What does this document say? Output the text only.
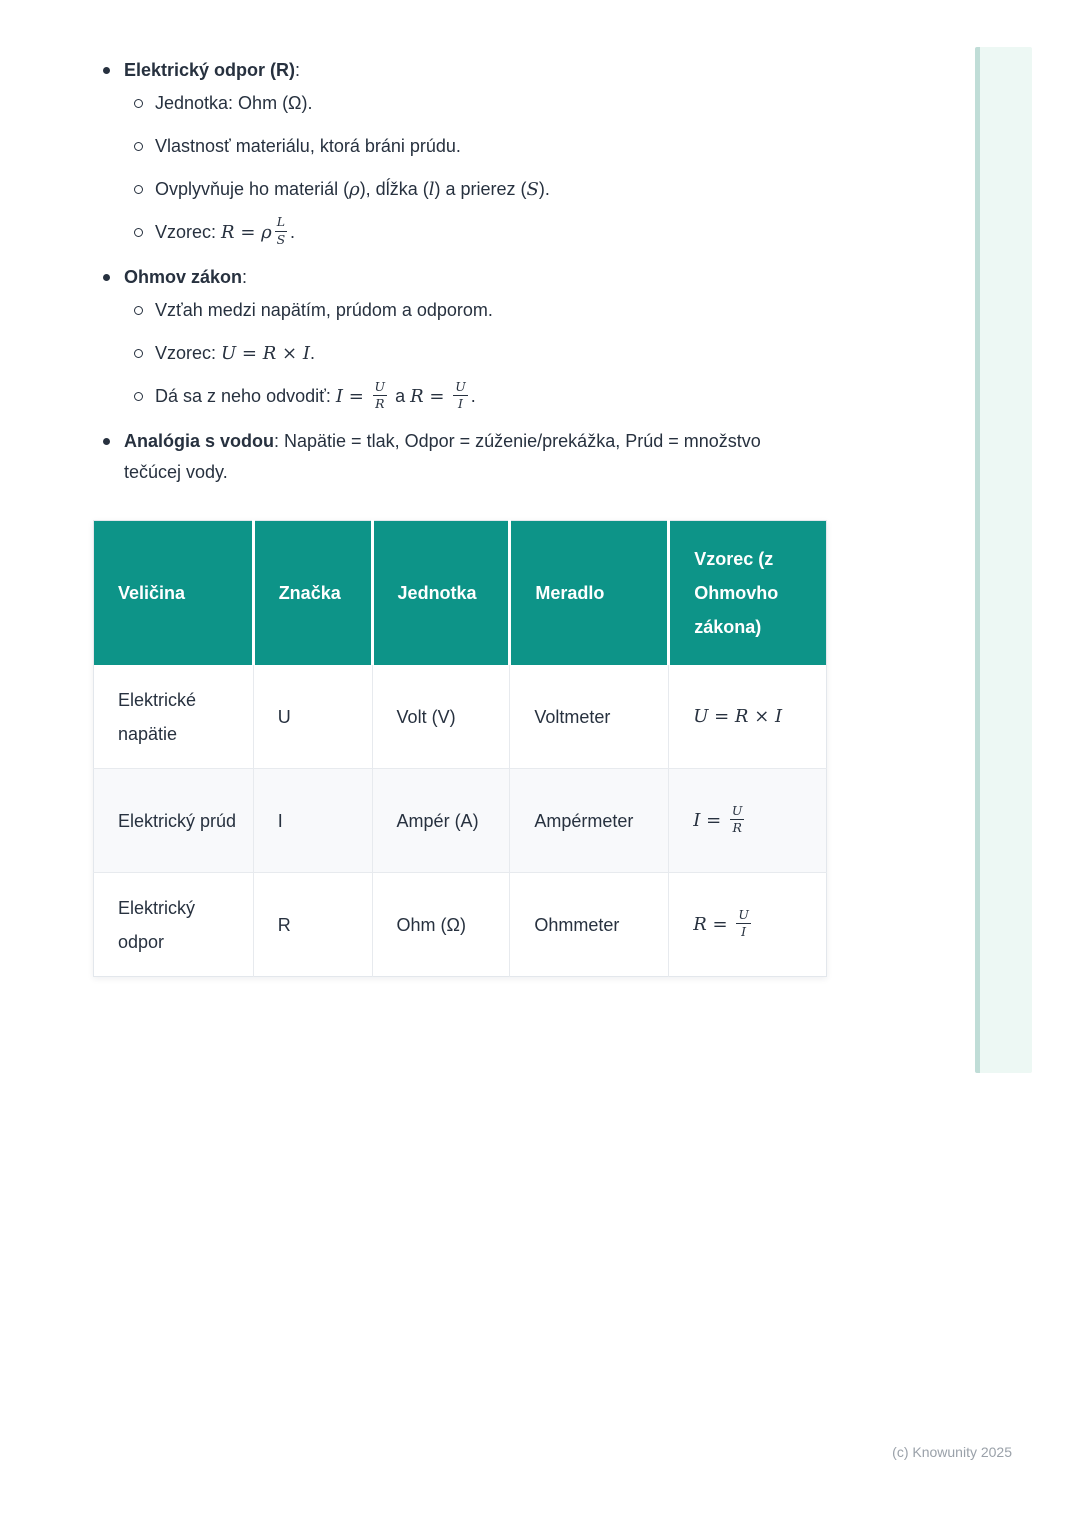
Elektrický odpor (R):
Jednotka: Ohm (Ω).
Vlastnosť materiálu, ktorá bráni prúdu.
Ovplyvňuje ho materiál (ρ), dĺžka (l) a prierez (S).
Vzorec: R = ρ $\frac{L}{S}$ .
Ohmov zákon:
Vzťah medzi napätím, prúdom a odporom.
Vzorec: U = R × I.
Dá sa z neho odvodiť: $I = \frac{U}{R}$ a $R = \frac{U}{I}$ .
Analógia s vodou: Napätie = tlak, Odpor = zúženie/prekážka, Prúd = množstvo tečúcej vody.
Veličina	Značka	Jednotka	Meradlo	Vzorec (z Ohmovho zákona)
Elektrické napätie	U	Volt (V)	Voltmeter	U = R × I
Elektrický prúd	I	Ampér (A)	Ampérmeter	$I = \frac{U}{R}$

Elektrický odpor	R	Ohm (Ω)	Ohmmeter	$R = \frac{U}{I}$
(c) Knowunity 2025
